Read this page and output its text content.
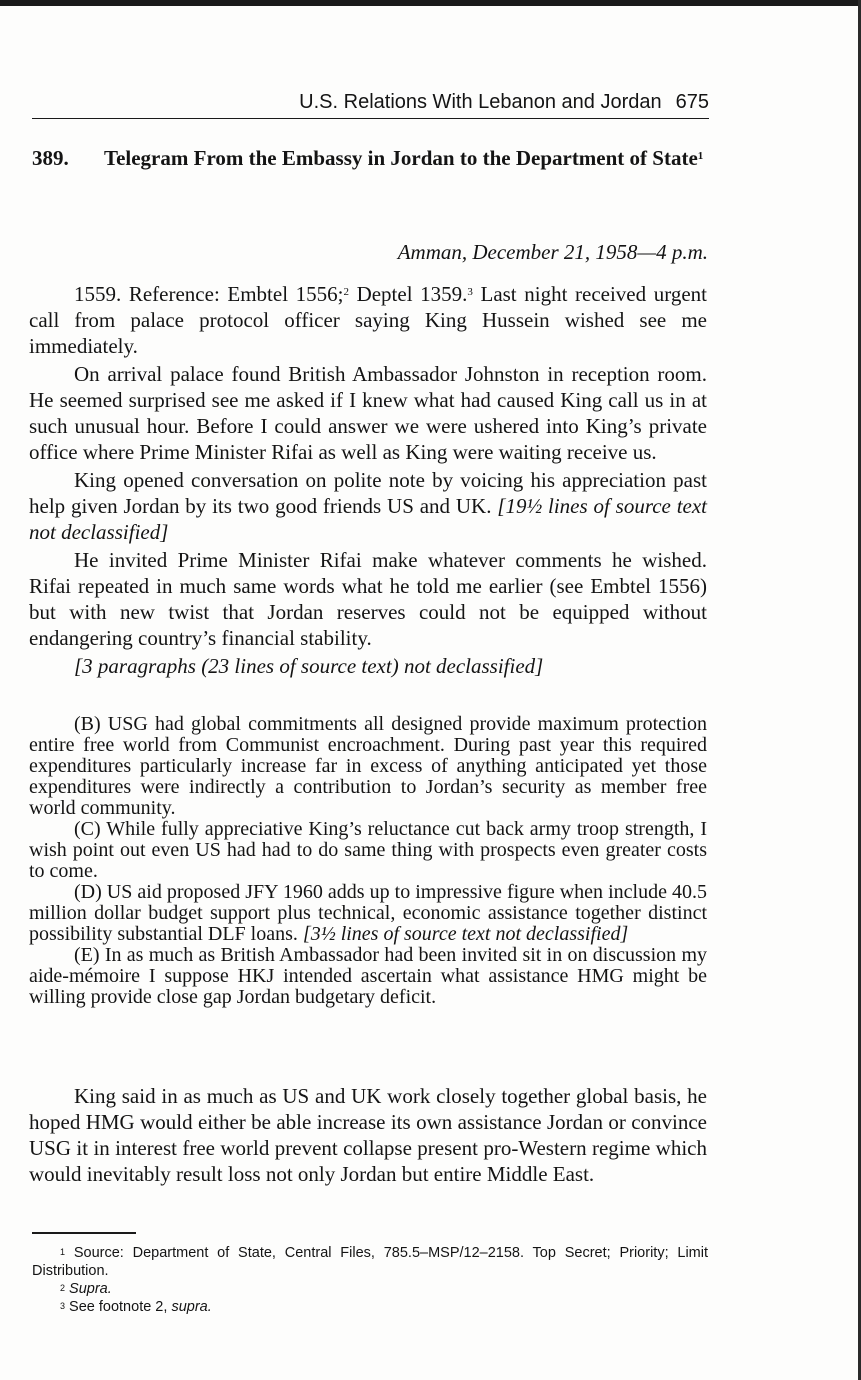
U.S. Relations With Lebanon and Jordan 675
389. Telegram From the Embassy in Jordan to the Department of State$^1$
Amman, December 21, 1958—4 p.m.

1559. Reference: Embtel 1556;$^2$ Deptel 1359.$^3$ Last night received urgent call from palace protocol officer saying King Hussein wished see me immediately.

On arrival palace found British Ambassador Johnston in reception room. He seemed surprised see me asked if I knew what had caused King call us in at such unusual hour. Before I could answer we were ushered into King’s private office where Prime Minister Rifai as well as King were waiting receive us.

King opened conversation on polite note by voicing his appreciation past help given Jordan by its two good friends US and UK. [19½ lines of source text not declassified]

He invited Prime Minister Rifai make whatever comments he wished. Rifai repeated in much same words what he told me earlier (see Embtel 1556) but with new twist that Jordan reserves could not be equipped without endangering country’s financial stability.

[3 paragraphs (23 lines of source text) not declassified]

(B) USG had global commitments all designed provide maximum protection entire free world from Communist encroachment. During past year this required expenditures particularly increase far in excess of anything anticipated yet those expenditures were indirectly a contribution to Jordan’s security as member free world community.

(C) While fully appreciative King’s reluctance cut back army troop strength, I wish point out even US had had to do same thing with prospects even greater costs to come.

(D) US aid proposed JFY 1960 adds up to impressive figure when include 40.5 million dollar budget support plus technical, economic assistance together distinct possibility substantial DLF loans. [3½ lines of source text not declassified]

(E) In as much as British Ambassador had been invited sit in on discussion my aide-mémoire I suppose HKJ intended ascertain what assistance HMG might be willing provide close gap Jordan budgetary deficit.

King said in as much as US and UK work closely together global basis, he hoped HMG would either be able increase its own assistance Jordan or convince USG it in interest free world prevent collapse present pro-Western regime which would inevitably result loss not only Jordan but entire Middle East.

$^1$ Source: Department of State, Central Files, 785.5–MSP/12–2158. Top Secret; Priority; Limit Distribution.

$^2$ Supra.

$^3$ See footnote 2, supra.
